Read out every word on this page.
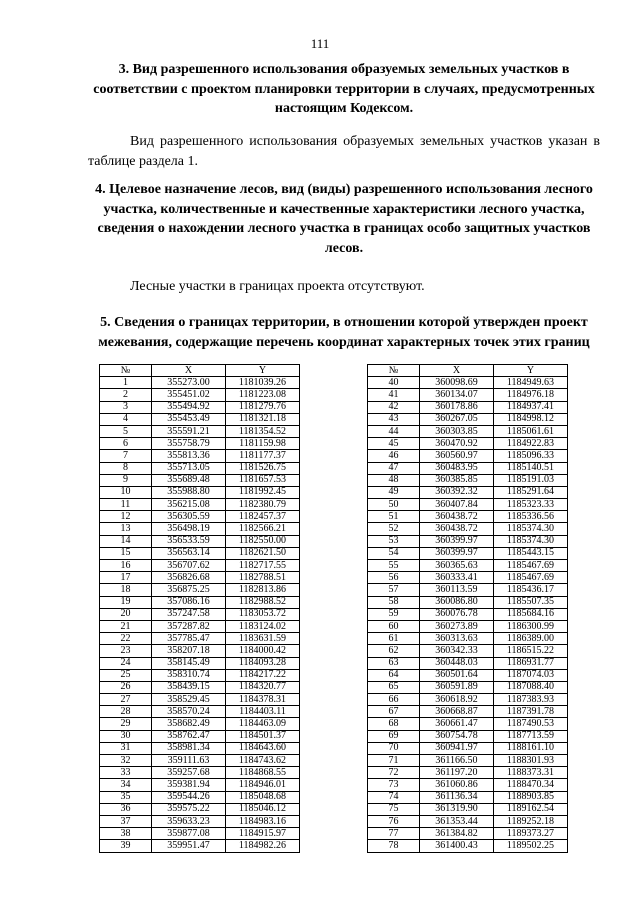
111
3. Вид разрешенного использования образуемых земельных участков в соответствии с проектом планировки территории в случаях, предусмотренных настоящим Кодексом.

Вид разрешенного использования образуемых земельных участков указан в

таблице раздела 1.

4. Целевое назначение лесов, вид (виды) разрешенного использования лесного участка, количественные и качественные характеристики лесного участка, сведения о нахождении лесного участка в границах особо защитных участков лесов.

Лесные участки в границах проекта отсутствуют.

5. Сведения о границах территории, в отношении которой утвержден проект межевания, содержащие перечень координат характерных точек этих границ
№	X	Y
1	355273.00	1181039.26
2	355451.02	1181223.08
3	355494.92	1181279.76
4	355453.49	1181321.18
5	355591.21	1181354.52
6	355758.79	1181159.98
7	355813.36	1181177.37
8	355713.05	1181526.75
9	355689.48	1181657.53
10	355988.80	1181992.45
11	356215.08	1182380.79
12	356305.59	1182457.37
13	356498.19	1182566.21
14	356533.59	1182550.00
15	356563.14	1182621.50
16	356707.62	1182717.55
17	356826.68	1182788.51
18	356875.25	1182813.86
19	357086.16	1182988.52
20	357247.58	1183053.72
21	357287.82	1183124.02
22	357785.47	1183631.59
23	358207.18	1184000.42
24	358145.49	1184093.28
25	358310.74	1184217.22
26	358439.15	1184320.77
27	358529.45	1184378.31
28	358570.24	1184403.11
29	358682.49	1184463.09
30	358762.47	1184501.37
31	358981.34	1184643.60
32	359111.63	1184743.62
33	359257.68	1184868.55
34	359381.94	1184946.01
35	359544.26	1185048.68
36	359575.22	1185046.12
37	359633.23	1184983.16
38	359877.08	1184915.97
39	359951.47	1184982.26
№	X	Y
40	360098.69	1184949.63
41	360134.07	1184976.18
42	360178.86	1184937.41
43	360267.05	1184998.12
44	360303.85	1185061.61
45	360470.92	1184922.83
46	360560.97	1185096.33
47	360483.95	1185140.51
48	360385.85	1185191.03
49	360392.32	1185291.64
50	360407.84	1185323.33
51	360438.72	1185336.56
52	360438.72	1185374.30
53	360399.97	1185374.30
54	360399.97	1185443.15
55	360365.63	1185467.69
56	360333.41	1185467.69
57	360113.59	1185436.17
58	360086.80	1185507.35
59	360076.78	1185684.16
60	360273.89	1186300.99
61	360313.63	1186389.00
62	360342.33	1186515.22
63	360448.03	1186931.77
64	360501.64	1187074.03
65	360591.89	1187088.40
66	360618.92	1187383.93
67	360668.87	1187391.78
68	360661.47	1187490.53
69	360754.78	1187713.59
70	360941.97	1188161.10
71	361166.50	1188301.93
72	361197.20	1188373.31
73	361060.86	1188470.34
74	361136.34	1188903.85
75	361319.90	1189162.54
76	361353.44	1189252.18
77	361384.82	1189373.27
78	361400.43	1189502.25
